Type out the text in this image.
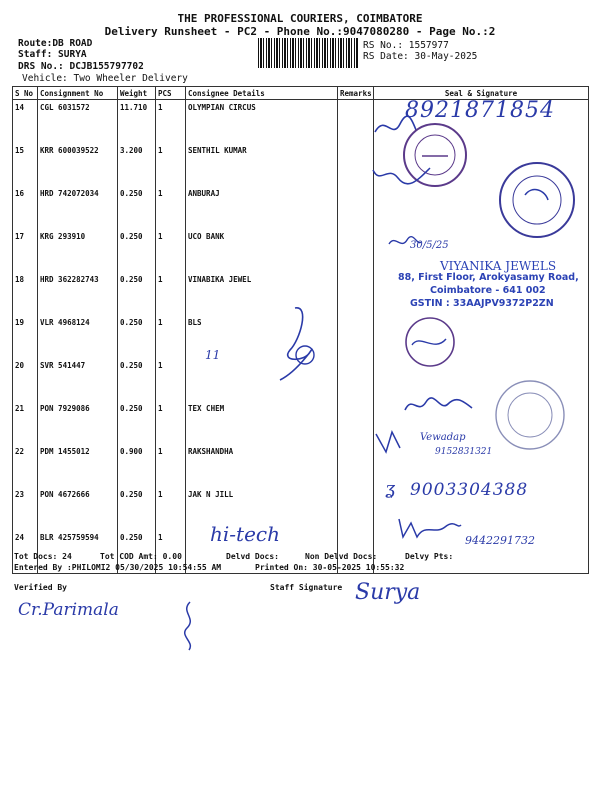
THE PROFESSIONAL COURIERS, COIMBATORE
Delivery Runsheet - PC2 - Phone No.:9047080280 - Page No.:2
Route:DB ROAD
Staff: SURYA
DRS No.: DCJB155797702
Vehicle: Two Wheeler Delivery
RS No.: 1557977
RS Date: 30-May-2025
S No	Consignment No	Weight	PCS	Consignee Details	Remarks	Seal & Signature
14	CGL 6031572	11.710	1	OLYMPIAN CIRCUS		
15	KRR 600039522	3.200	1	SENTHIL KUMAR		
16	HRD 742072034	0.250	1	ANBURAJ		
17	KRG 293910	0.250	1	UCO BANK		
18	HRD 362282743	0.250	1	VINABIKA JEWEL		
19	VLR 4968124	0.250	1	BLS		
20	SVR 541447	0.250	1			
21	PON 7929086	0.250	1	TEX CHEM		
22	PDM 1455012	0.900	1	RAKSHANDHA		
23	PON 4672666	0.250	1	JAK N JILL		
24	BLR 425759594	0.250	1			
8921871854
30/5/25
VIYANIKA JEWELS
88, First Floor, Arokyasamy Road,
Coimbatore - 641 002
GSTIN : 33AAJPV9372P2ZN
11
Vewadap
9152831321
ʓ 9003304388
hi-tech	9442291732
Tot Docs: 24	Tot COD Amt: 0.00	Delvd Docs:	Non Delvd Docs:	Delvy Pts:
Entered By :PHILOMI2 05/30/2025 10:54:55 AM	Printed On: 30-05-2025 10:55:32
Verified By	Staff Signature
Cr.Parimala
Surya
